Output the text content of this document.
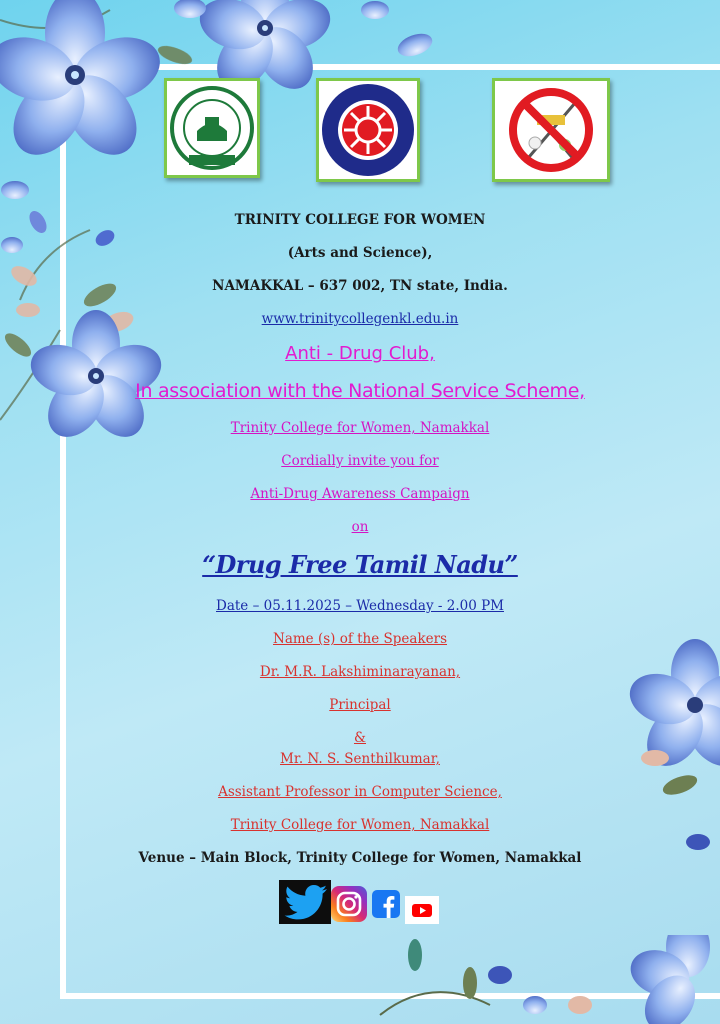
TRINITY COLLEGE FOR WOMEN

(Arts and Science),

NAMAKKAL – 637 002, TN state, India.

www.trinitycollegenkl.edu.in

Anti - Drug Club,

In association with the National Service Scheme,

Trinity College for Women, Namakkal

Cordially invite you for

Anti-Drug Awareness Campaign

on

“Drug Free Tamil Nadu”

Date – 05.11.2025 – Wednesday - 2.00 PM

Name (s) of the Speakers

Dr. M.R. Lakshiminarayanan,

Principal

&

Mr. N. S. Senthilkumar,

Assistant Professor in Computer Science,

Trinity College for Women, Namakkal

Venue – Main Block, Trinity College for Women, Namakkal
